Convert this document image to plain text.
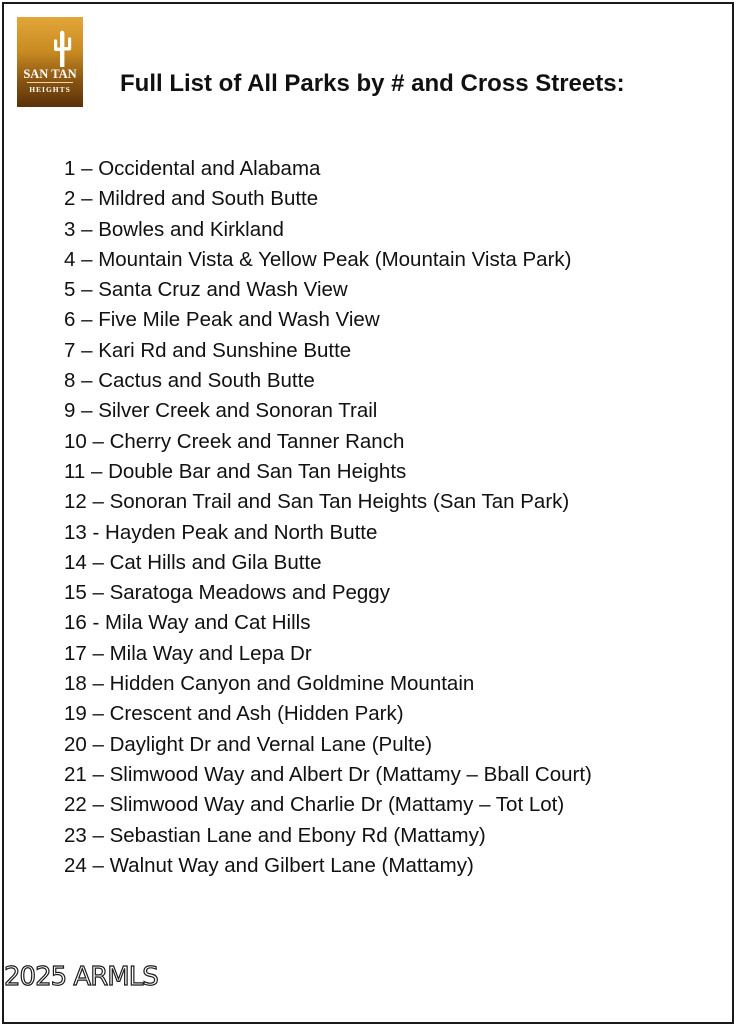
SAN TAN
HEIGHTS	Full List of All Parks by # and Cross Streets:
1 – Occidental and Alabama
2 – Mildred and South Butte
3 – Bowles and Kirkland
4 – Mountain Vista & Yellow Peak (Mountain Vista Park)
5 – Santa Cruz and Wash View
6 – Five Mile Peak and Wash View
7 – Kari Rd and Sunshine Butte
8 – Cactus and South Butte
9 – Silver Creek and Sonoran Trail
10 – Cherry Creek and Tanner Ranch
11 – Double Bar and San Tan Heights
12 – Sonoran Trail and San Tan Heights (San Tan Park)
13 - Hayden Peak and North Butte
14 – Cat Hills and Gila Butte
15 – Saratoga Meadows and Peggy
16 - Mila Way and Cat Hills
17 – Mila Way and Lepa Dr
18 – Hidden Canyon and Goldmine Mountain
19 – Crescent and Ash (Hidden Park)
20 – Daylight Dr and Vernal Lane (Pulte)
21 – Slimwood Way and Albert Dr (Mattamy – Bball Court)
22 – Slimwood Way and Charlie Dr (Mattamy – Tot Lot)
23 – Sebastian Lane and Ebony Rd (Mattamy)
24 – Walnut Way and Gilbert Lane (Mattamy)
2025 ARMLS
